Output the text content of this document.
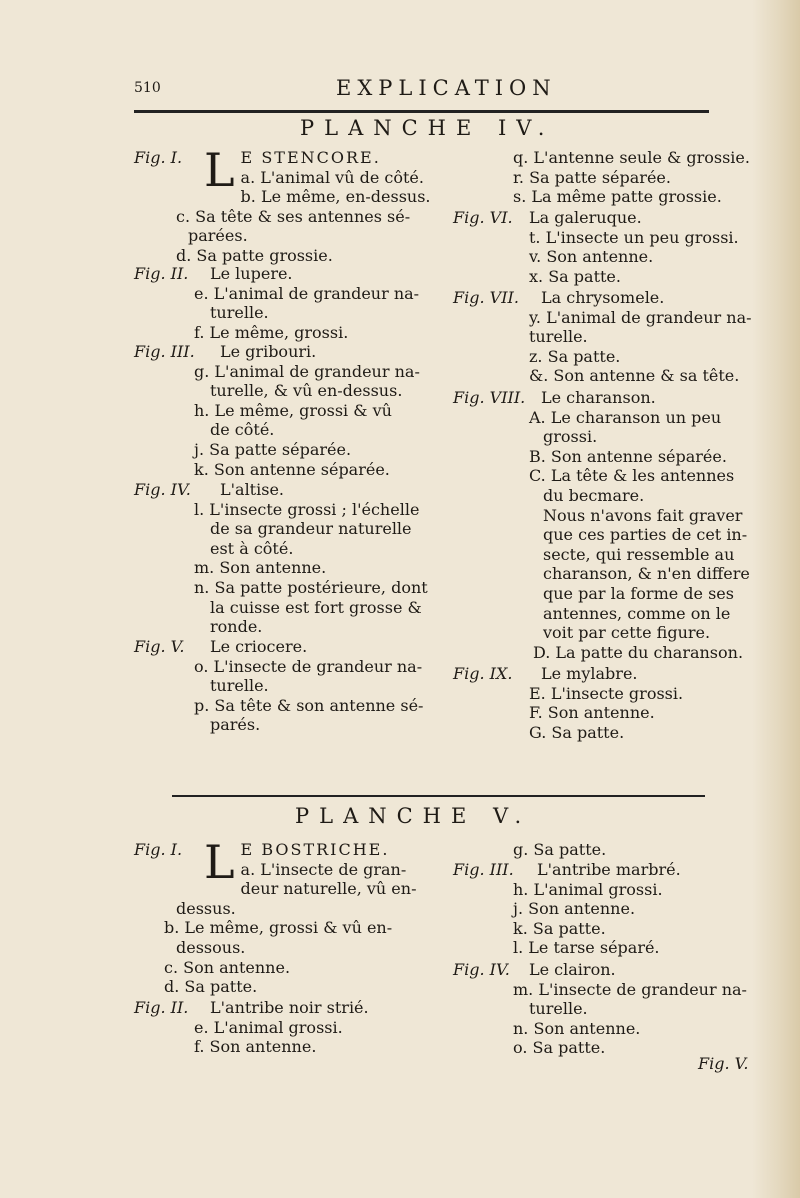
510	EXPLICATION
PLANCHE IV.
Fig. I. L E STENCORE.
a. L'animal vû de côté.
b. Le même, en-dessus.
c. Sa tête & ses antennes sé-
parées.
d. Sa patte grossie.
Fig. II.	Le lupere.
e. L'animal de grandeur na-
turelle.
f. Le même, grossi.
Fig. III.	Le gribouri.
g. L'animal de grandeur na-
turelle, & vû en-dessus.
h. Le même, grossi & vû
de côté.
j. Sa patte séparée.
k. Son antenne séparée.
Fig. IV.	L'altise.
l. L'insecte grossi ; l'échelle
de sa grandeur naturelle
est à côté.
m. Son antenne.
n. Sa patte postérieure, dont
la cuisse est fort grosse &
ronde.
Fig. V.	Le criocere.
o. L'insecte de grandeur na-
turelle.
p. Sa tête & son antenne sé-
parés.
q. L'antenne seule & grossie.
r. Sa patte séparée.
s. La même patte grossie.
Fig. VI.	La galeruque.
t. L'insecte un peu grossi.
v. Son antenne.
x. Sa patte.
Fig. VII.	La chrysomele.
y. L'animal de grandeur na-
turelle.
z. Sa patte.
&. Son antenne & sa tête.
Fig. VIII. Le charanson.
A. Le charanson un peu
grossi.
B. Son antenne séparée.
C. La tête & les antennes
du becmare.
Nous n'avons fait graver
que ces parties de cet in-
secte, qui ressemble au
charanson, & n'en differe
que par la forme de ses
antennes, comme on le
voit par cette figure.
D. La patte du charanson.
Fig. IX.	Le mylabre.
E. L'insecte grossi.
F. Son antenne.
G. Sa patte.
PLANCHE V.
Fig. I. L E BOSTRICHE.
a. L'insecte de gran-
deur naturelle, vû en-
dessus.
b. Le même, grossi & vû en-
dessous.
c. Son antenne.
d. Sa patte.
Fig. II.	L'antribe noir strié.
e. L'animal grossi.
f. Son antenne.
g. Sa patte.
Fig. III.	L'antribe marbré.
h. L'animal grossi.
j. Son antenne.
k. Sa patte.
l. Le tarse séparé.
Fig. IV.	Le clairon.
m. L'insecte de grandeur na-
turelle.
n. Son antenne.
o. Sa patte.
Fig. V.
